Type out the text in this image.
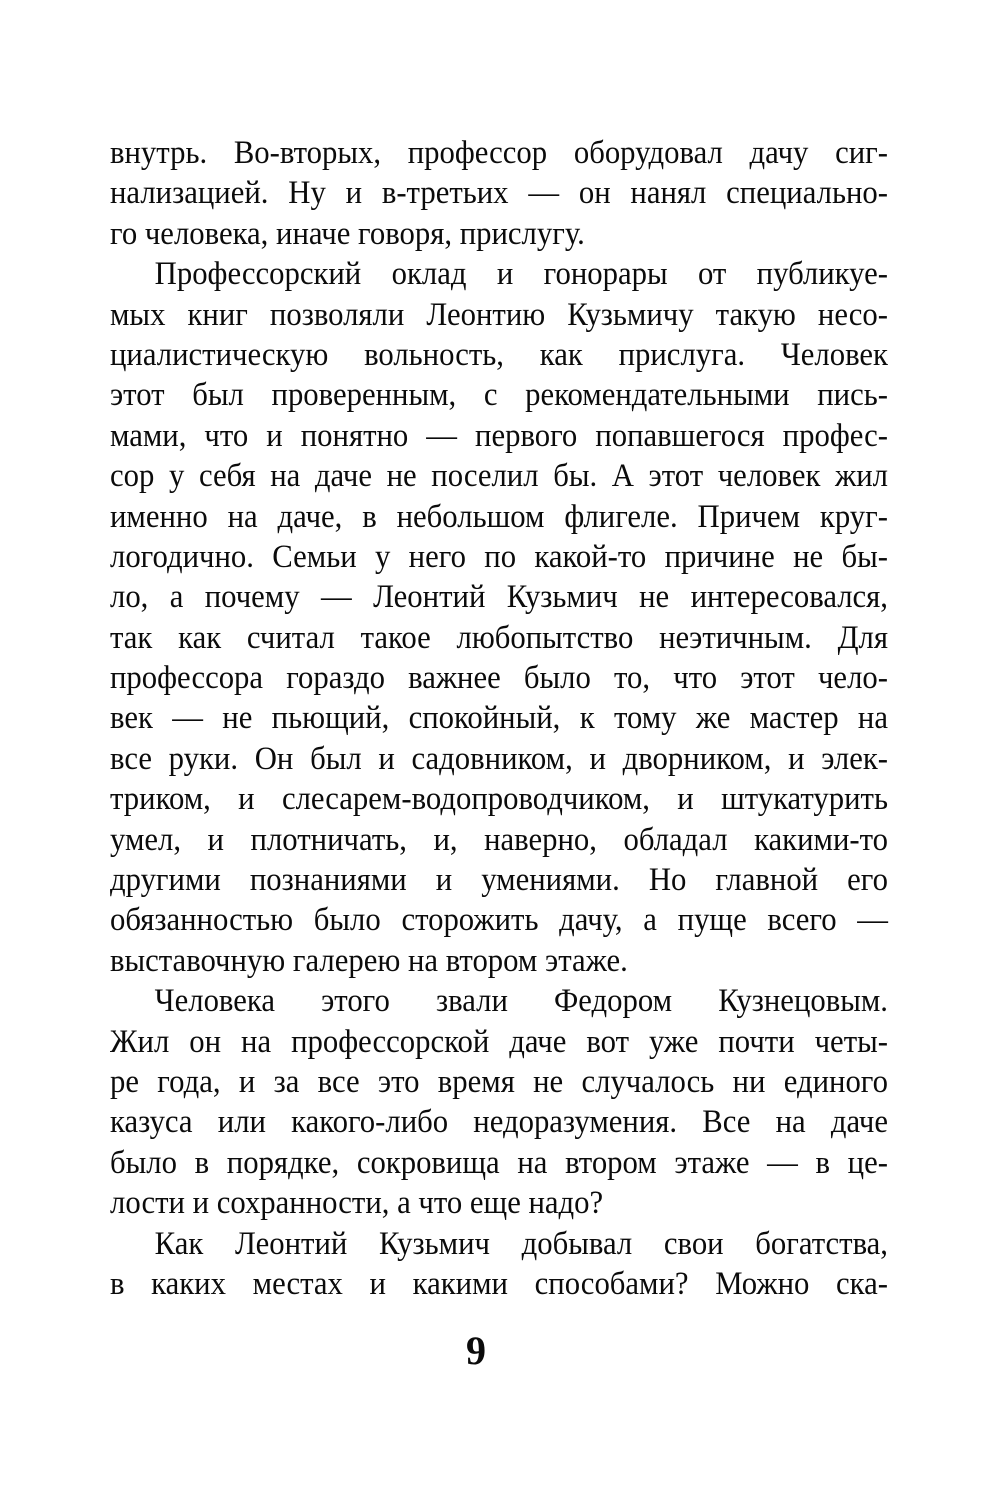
внутрь. Во-вторых, профессор оборудовал дачу сиг-
нализацией. Ну и в-третьих — он нанял специально-
го человека, иначе говоря, прислугу.
Профессорский оклад и гонорары от публикуе-
мых книг позволяли Леонтию Кузьмичу такую несо-
циалистическую вольность, как прислуга. Человек
этот был проверенным, с рекомендательными пись-
мами, что и понятно — первого попавшегося профес-
сор у себя на даче не поселил бы. А этот человек жил
именно на даче, в небольшом флигеле. Причем круг-
логодично. Семьи у него по какой-то причине не бы-
ло, а почему — Леонтий Кузьмич не интересовался,
так как считал такое любопытство неэтичным. Для
профессора гораздо важнее было то, что этот чело-
век — не пьющий, спокойный, к тому же мастер на
все руки. Он был и садовником, и дворником, и элек-
триком, и слесарем-водопроводчиком, и штукатурить
умел, и плотничать, и, наверно, обладал какими-то
другими познаниями и умениями. Но главной его
обязанностью было сторожить дачу, а пуще всего —
выставочную галерею на втором этаже.
Человека этого звали Федором Кузнецовым.
Жил он на профессорской даче вот уже почти четы-
ре года, и за все это время не случалось ни единого
казуса или какого-либо недоразумения. Все на даче
было в порядке, сокровища на втором этаже — в це-
лости и сохранности, а что еще надо?
Как Леонтий Кузьмич добывал свои богатства,
в каких местах и какими способами? Можно ска-
9
